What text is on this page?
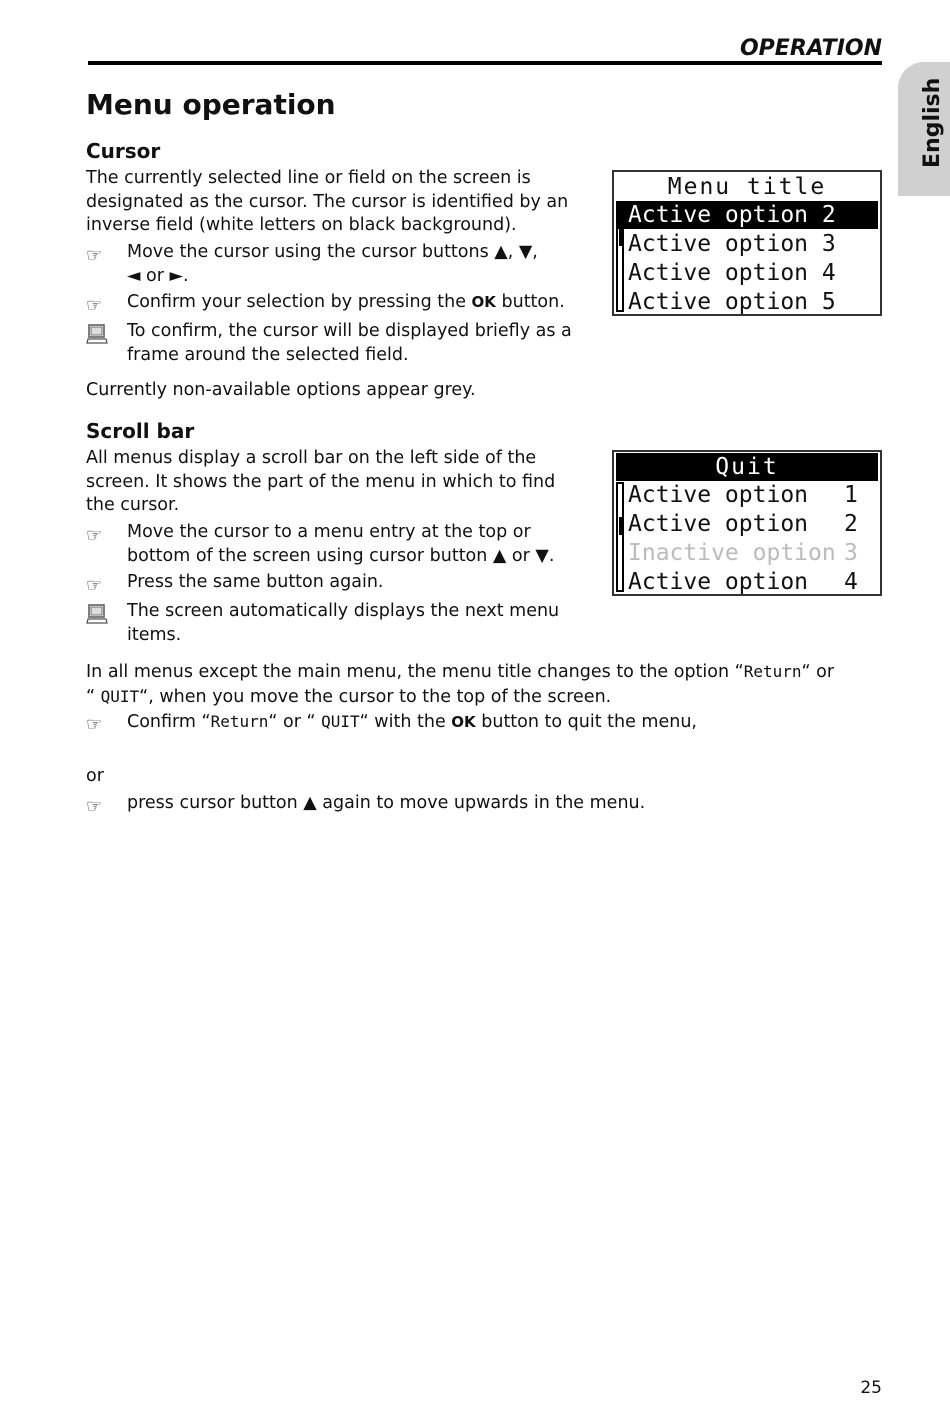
OPERATION
English
Menu operation
Cursor
The currently selected line or field on the screen is designated as the cursor. The cursor is identified by an inverse field (white letters on black background).
☞ Move the cursor using the cursor buttons ▲, ▼,
◄ or ►.
☞ Confirm your selection by pressing the OK button.
To confirm, the cursor will be displayed briefly as a frame around the selected field.
Currently non-available options appear grey.
Menu title
Active option 2
Active option 3
Active option 4
Active option 5
Scroll bar
All menus display a scroll bar on the left side of the screen. It shows the part of the menu in which to find the cursor.
☞ Move the cursor to a menu entry at the top or bottom of the screen using cursor button ▲ or ▼.
☞ Press the same button again.
The screen automatically displays the next menu items.
Quit
Active option 1
Active option 2
Inactive option 3
Active option 4
In all menus except the main menu, the menu title changes to the option “Return“ or
“ QUIT“, when you move the cursor to the top of the screen.
☞ Confirm “Return“ or “ QUIT“ with the OK button to quit the menu,
or
☞ press cursor button ▲ again to move upwards in the menu.
25
